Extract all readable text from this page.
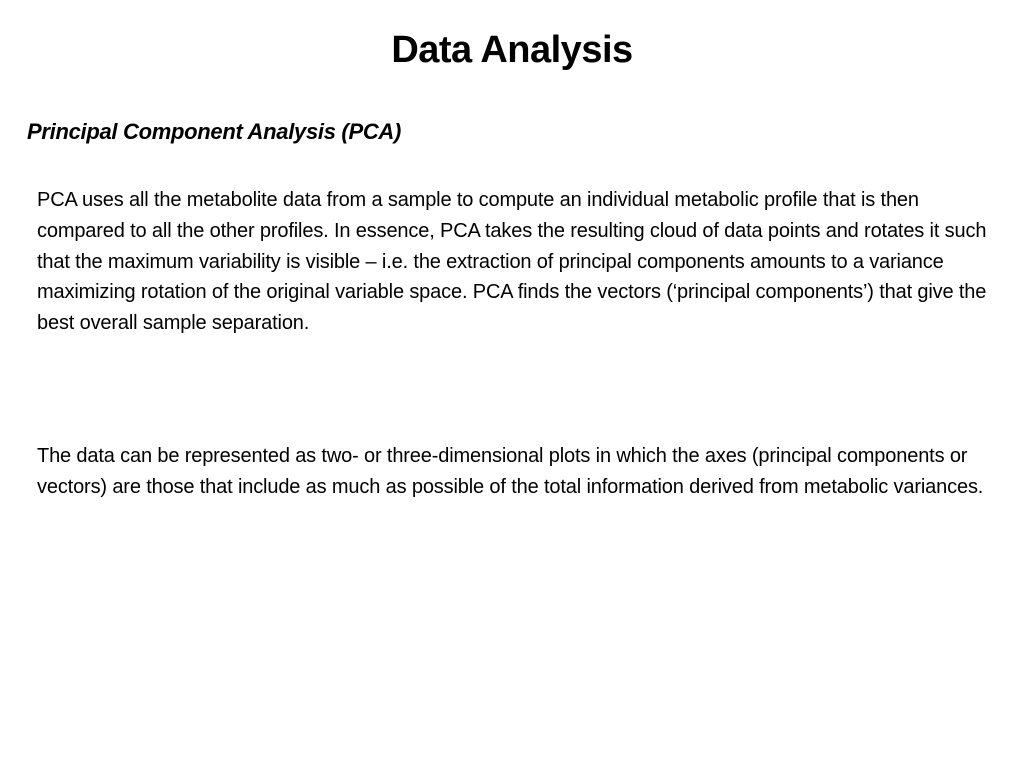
Data Analysis
Principal Component Analysis (PCA)

PCA uses all the metabolite data from a sample to compute an individual metabolic profile that is then compared to all the other profiles. In essence, PCA takes the resulting cloud of data points and rotates it such that the maximum variability is visible – i.e. the extraction of principal components amounts to a variance maximizing rotation of the original variable space. PCA finds the vectors (‘principal components’) that give the best overall sample separation.

The data can be represented as two- or three-dimensional plots in which the axes (principal components or vectors) are those that include as much as possible of the total information derived from metabolic variances.
